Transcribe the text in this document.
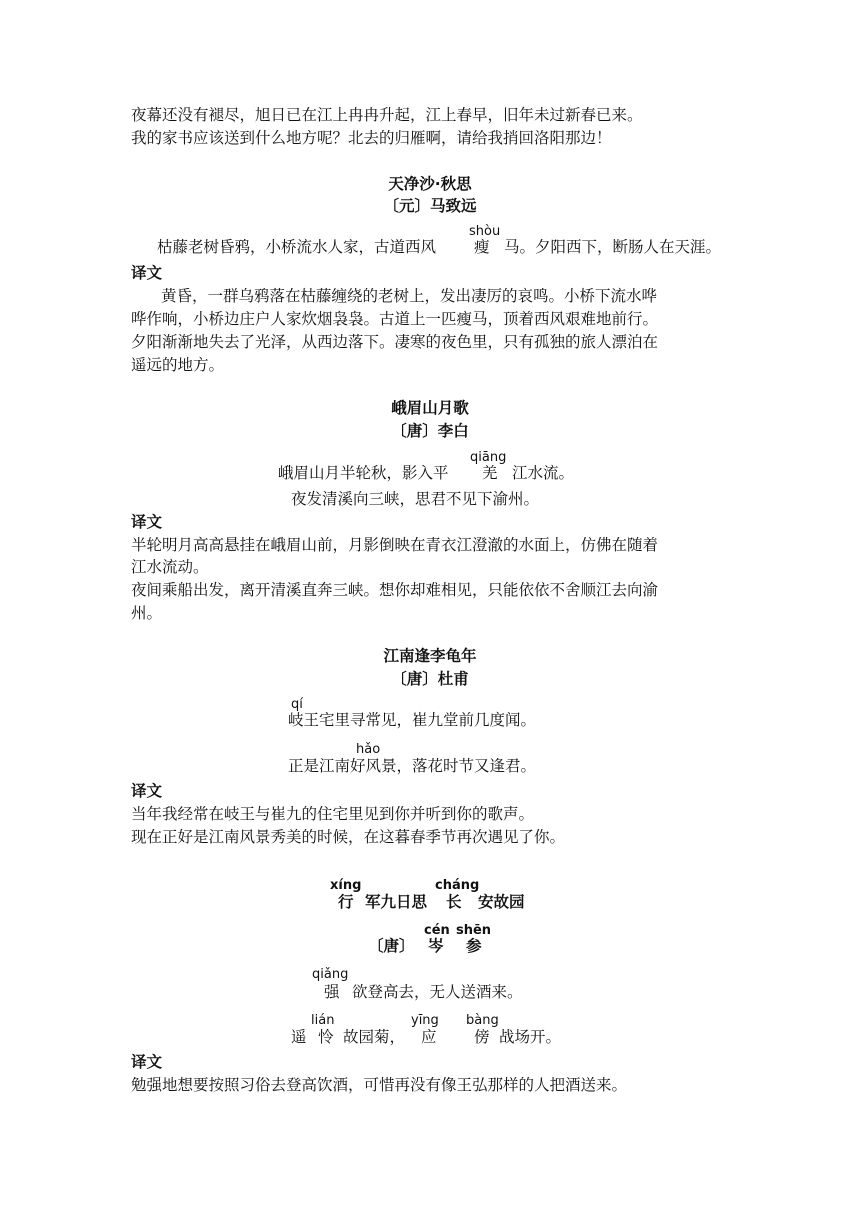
夜幕还没有褪尽，旭日已在江上冉冉升起，江上春早，旧年未过新春已来。
我的家书应该送到什么地方呢？北去的归雁啊，请给我捎回洛阳那边！
天净沙·秋思
〔元〕马致远
shòu
枯藤老树昏鸦，小桥流水人家，古道西风 瘦 马。夕阳西下，断肠人在天涯。
译文
黄昏，一群乌鸦落在枯藤缠绕的老树上，发出凄厉的哀鸣。小桥下流水哗
哗作响，小桥边庄户人家炊烟袅袅。古道上一匹瘦马，顶着西风艰难地前行。
夕阳渐渐地失去了光泽，从西边落下。凄寒的夜色里，只有孤独的旅人漂泊在
遥远的地方。
峨眉山月歌
〔唐〕李白
qiāng
峨眉山月半轮秋，影入平 羌 江水流。
夜发清溪向三峡，思君不见下渝州。
译文
半轮明月高高悬挂在峨眉山前，月影倒映在青衣江澄澈的水面上，仿佛在随着
江水流动。
夜间乘船出发，离开清溪直奔三峡。想你却难相见，只能依依不舍顺江去向渝
州。
江南逢李龟年
〔唐〕杜甫
qí
岐王宅里寻常见，崔九堂前几度闻。
hǎo
正是江南好风景，落花时节又逢君。
译文
当年我经常在岐王与崔九的住宅里见到你并听到你的歌声。
现在正好是江南风景秀美的时候，在这暮春季节再次遇见了你。
xíng	cháng
行 军九日思 长 安故园
cén shēn
〔唐〕 岑 参
qiǎng
强 欲登高去，无人送酒来。
lián	yīng bàng
遥 怜 故园菊， 应 傍 战场开。
译文
勉强地想要按照习俗去登高饮酒，可惜再没有像王弘那样的人把酒送来。
